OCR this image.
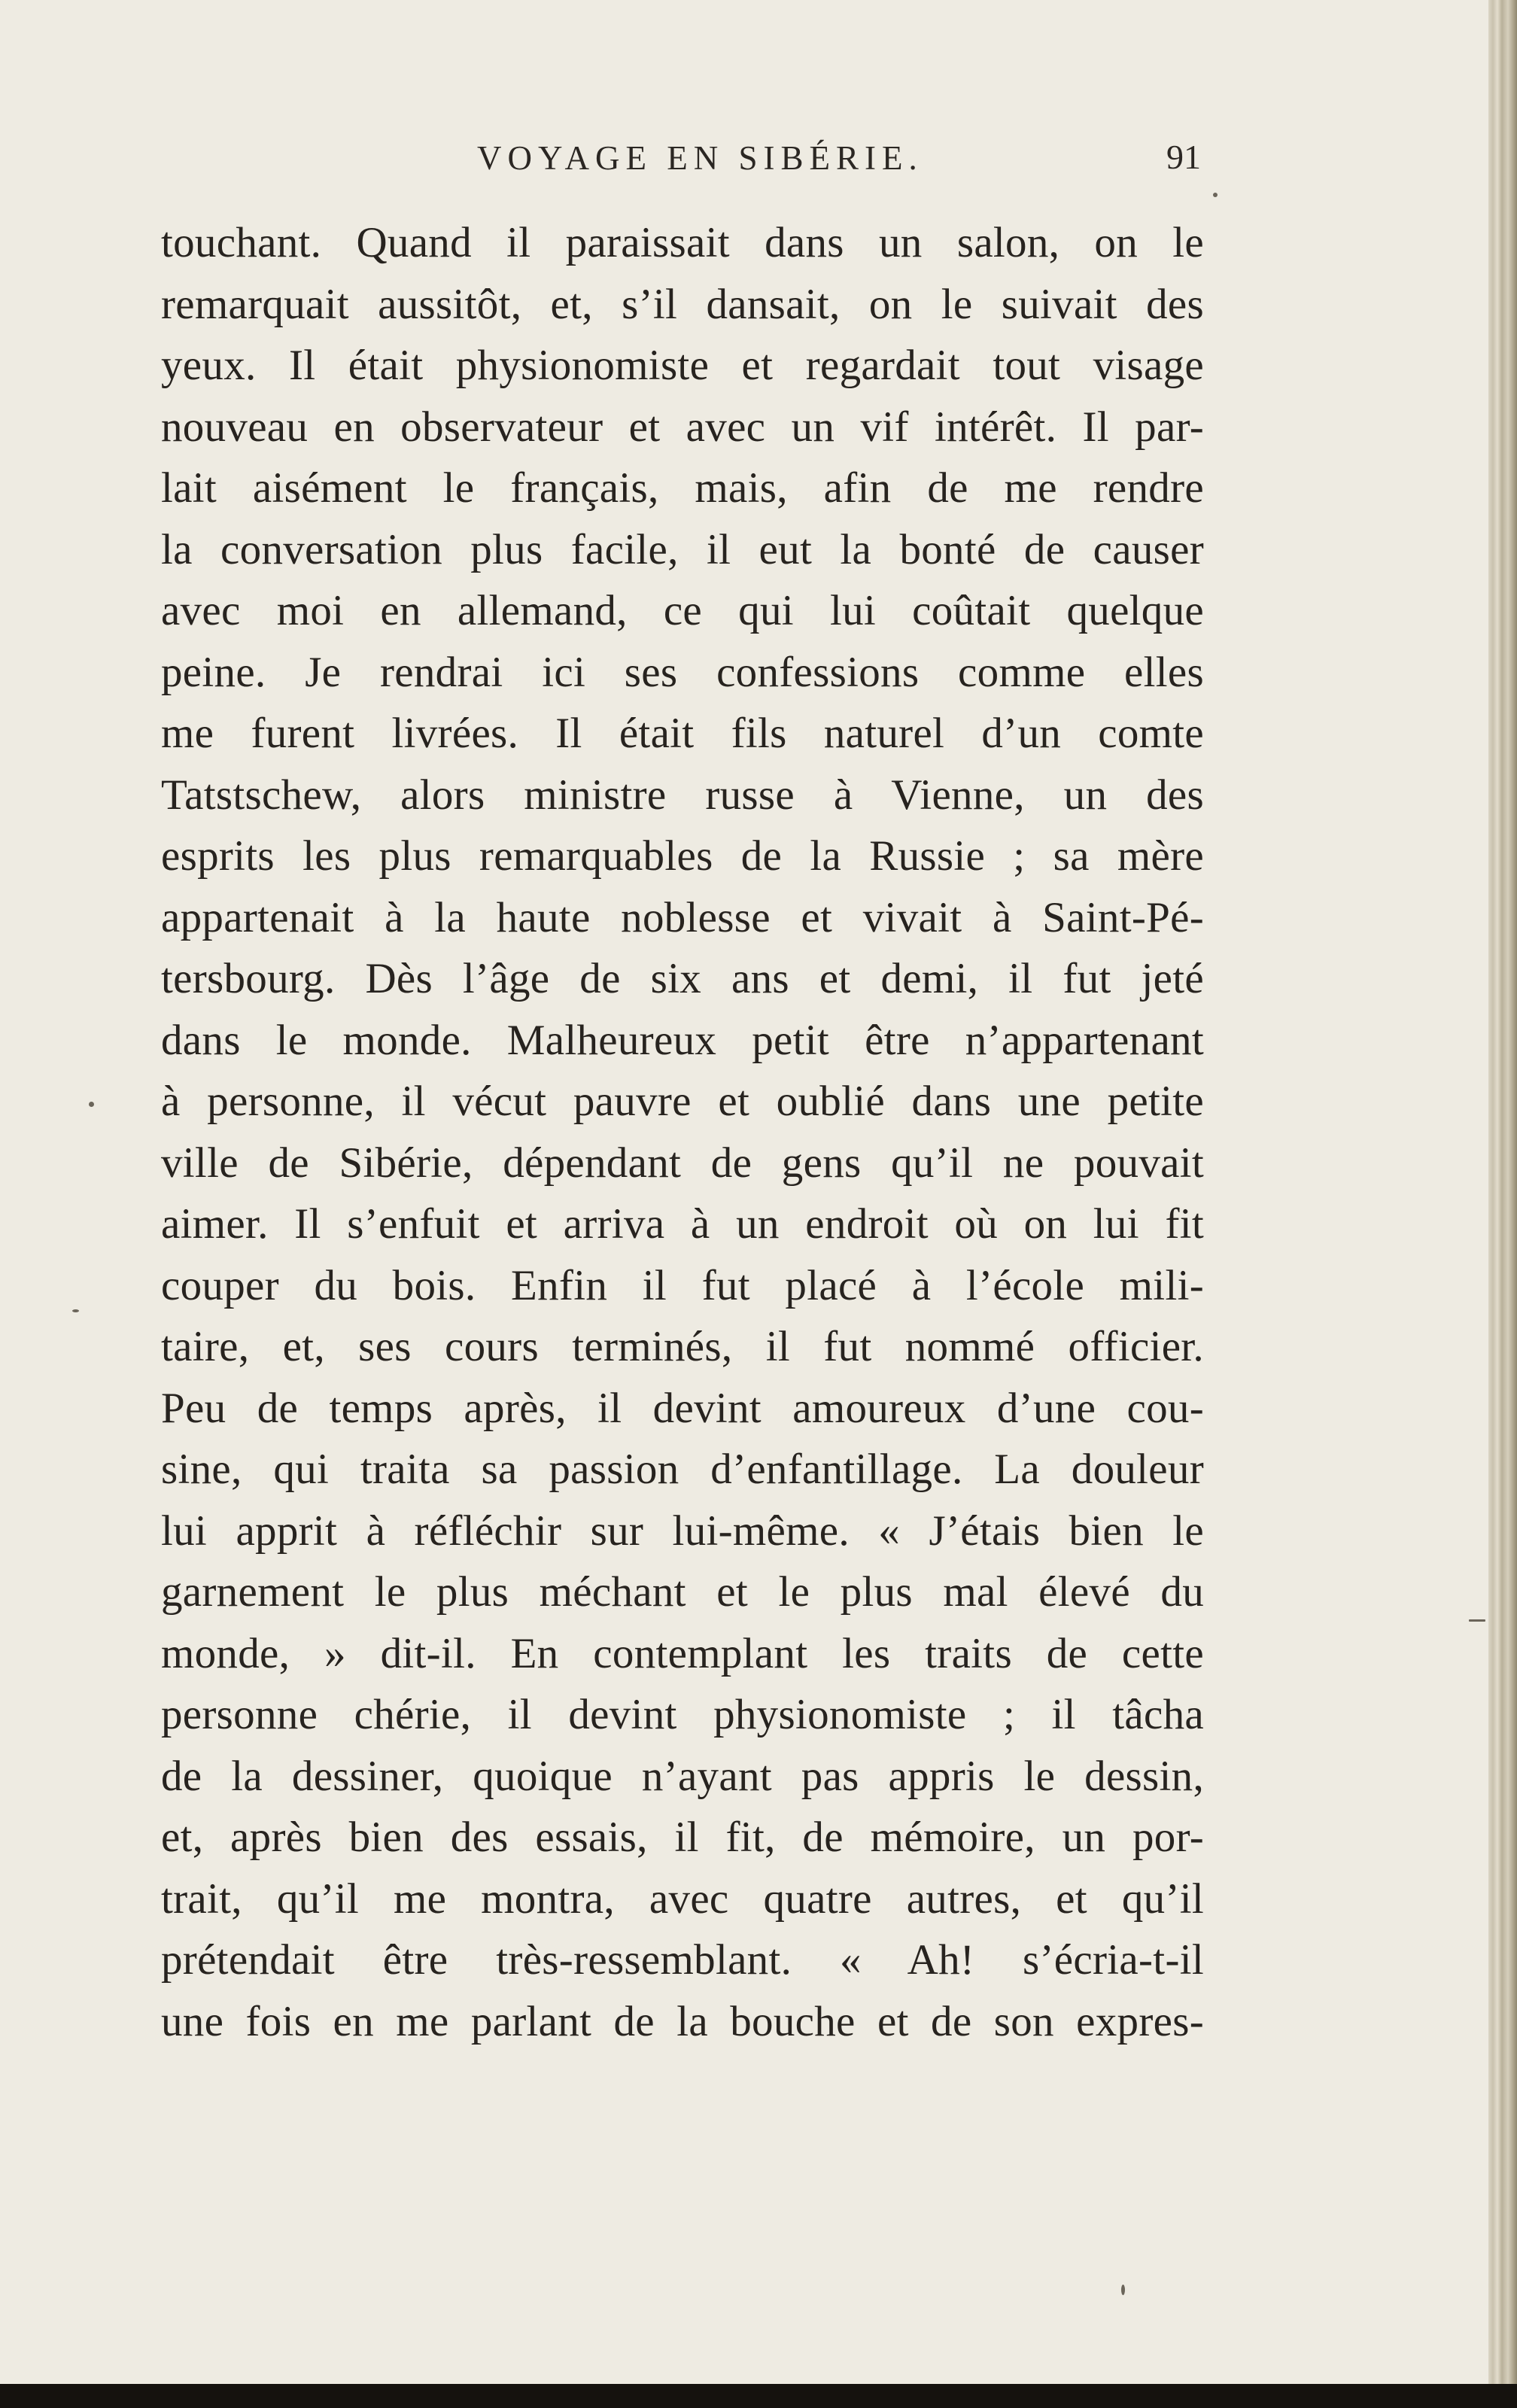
VOYAGE EN SIBÉRIE.	91
touchant. Quand il paraissait dans un salon, on le
remarquait aussitôt, et, s’il dansait, on le suivait des
yeux. Il était physionomiste et regardait tout visage
nouveau en observateur et avec un vif intérêt. Il par-
lait aisément le français, mais, afin de me rendre
la conversation plus facile, il eut la bonté de causer
avec moi en allemand, ce qui lui coûtait quelque
peine. Je rendrai ici ses confessions comme elles
me furent livrées. Il était fils naturel d’un comte
Tatstschew, alors ministre russe à Vienne, un des
esprits les plus remarquables de la Russie ; sa mère
appartenait à la haute noblesse et vivait à Saint-Pé-
tersbourg. Dès l’âge de six ans et demi, il fut jeté
dans le monde. Malheureux petit être n’appartenant
à personne, il vécut pauvre et oublié dans une petite
ville de Sibérie, dépendant de gens qu’il ne pouvait
aimer. Il s’enfuit et arriva à un endroit où on lui fit
couper du bois. Enfin il fut placé à l’école mili-
taire, et, ses cours terminés, il fut nommé officier.
Peu de temps après, il devint amoureux d’une cou-
sine, qui traita sa passion d’enfantillage. La douleur
lui apprit à réfléchir sur lui-même. « J’étais bien le
garnement le plus méchant et le plus mal élevé du
monde, » dit-il. En contemplant les traits de cette
personne chérie, il devint physionomiste ; il tâcha
de la dessiner, quoique n’ayant pas appris le dessin,
et, après bien des essais, il fit, de mémoire, un por-
trait, qu’il me montra, avec quatre autres, et qu’il
prétendait être très-ressemblant. « Ah! s’écria-t-il
une fois en me parlant de la bouche et de son expres-
